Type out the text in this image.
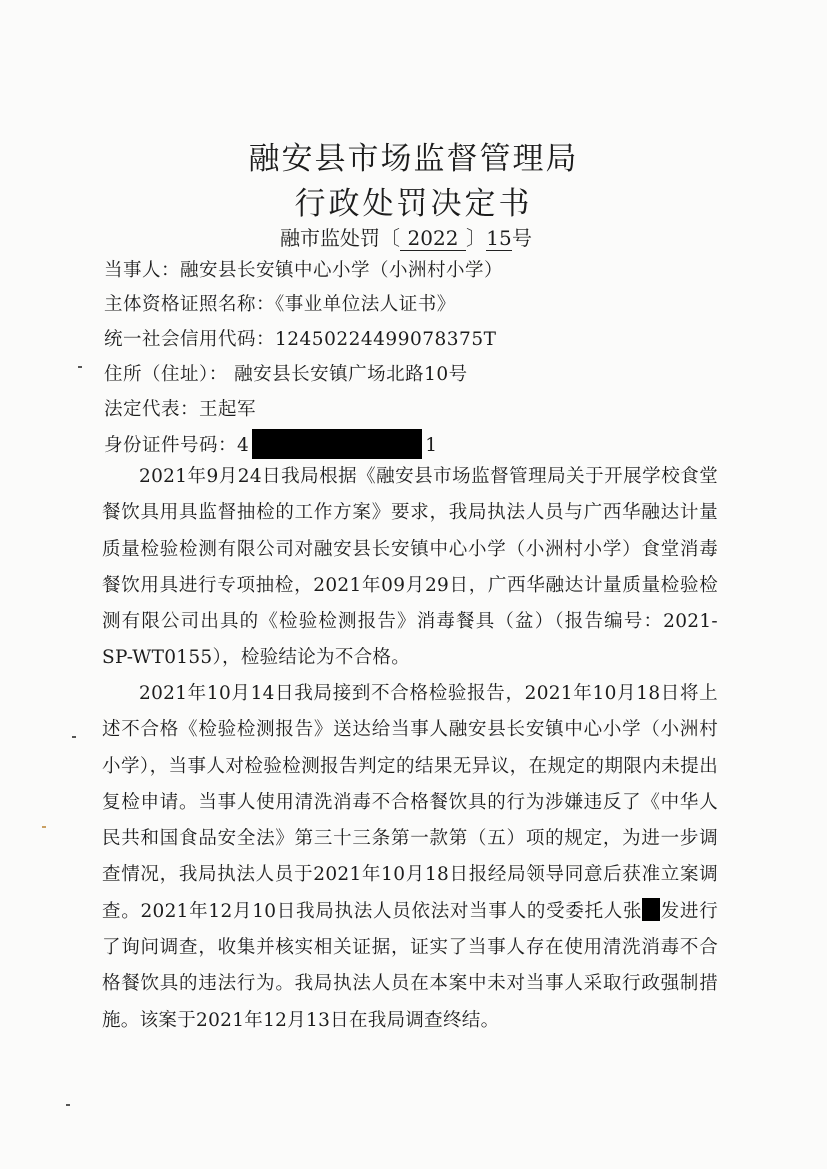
融安县市场监督管理局
行政处罚决定书
融市监处罚〔 2022 〕15号
当事人：融安县长安镇中心小学（小洲村小学）
主体资格证照名称：《事业单位法人证书》
统一社会信用代码：12450224499078375T
住所（住址）： 融安县长安镇广场北路10号
法定代表：王起军
身份证件号码：4	1
2021年9月24日我局根据《融安县市场监督管理局关于开展学校食堂餐饮具用具监督抽检的工作方案》要求，我局执法人员与广西华融达计量质量检验检测有限公司对融安县长安镇中心小学（小洲村小学）食堂消毒餐饮用具进行专项抽检，2021年09月29日，广西华融达计量质量检验检测有限公司出具的《检验检测报告》消毒餐具（盆）（报告编号：2021-SP-WT0155），检验结论为不合格。
2021年10月14日我局接到不合格检验报告，2021年10月18日将上述不合格《检验检测报告》送达给当事人融安县长安镇中心小学（小洲村小学），当事人对检验检测报告判定的结果无异议，在规定的期限内未提出复检申请。当事人使用清洗消毒不合格餐饮具的行为涉嫌违反了《中华人民共和国食品安全法》第三十三条第一款第（五）项的规定，为进一步调查情况，我局执法人员于2021年10月18日报经局领导同意后获准立案调查。2021年12月10日我局执法人员依法对当事人的受委托人张 发进行了询问调查，收集并核实相关证据，证实了当事人存在使用清洗消毒不合格餐饮具的违法行为。我局执法人员在本案中未对当事人采取行政强制措施。该案于2021年12月13日在我局调查终结。
